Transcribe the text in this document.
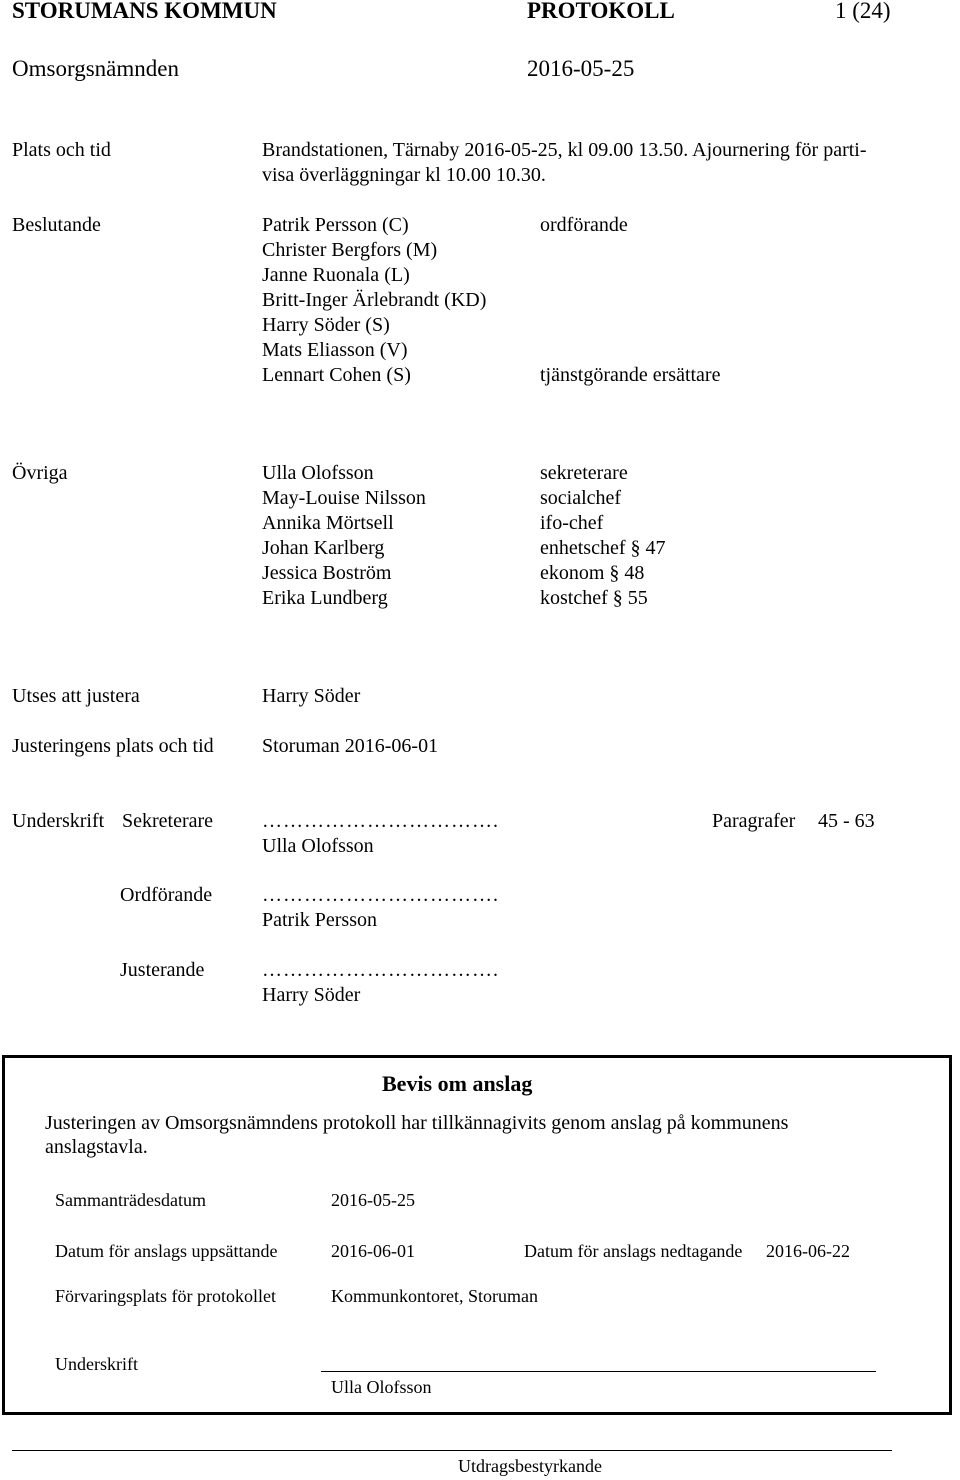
STORUMANS KOMMUN	PROTOKOLL	1 (24)
Omsorgsnämnden	2016-05-25
Plats och tid	Brandstationen, Tärnaby 2016-05-25, kl 09.00 13.50. Ajournering för parti-
visa överläggningar kl 10.00 10.30.
Beslutande	Patrik Persson (C)	ordförande
Christer Bergfors (M)
Janne Ruonala (L)
Britt-Inger Ärlebrandt (KD)
Harry Söder (S)
Mats Eliasson (V)
Lennart Cohen (S)	tjänstgörande ersättare
Övriga	Ulla Olofsson	sekreterare
May-Louise Nilsson	socialchef
Annika Mörtsell	ifo-chef
Johan Karlberg	enhetschef § 47
Jessica Boström	ekonom § 48
Erika Lundberg	kostchef § 55
Utses att justera	Harry Söder
Justeringens plats och tid Storuman 2016-06-01
Underskrift Sekreterare …………………………….	Paragrafer 45 - 63
Ulla Olofsson
Ordförande …………………………….
Patrik Persson
Justerande	…………………………….
Harry Söder
Bevis om anslag
Justeringen av Omsorgsnämndens protokoll har tillkännagivits genom anslag på kommunens
anslagstavla.
Sammanträdesdatum	2016-05-25
Datum för anslags uppsättande	2016-06-01	Datum för anslags nedtagande 2016-06-22
Förvaringsplats för protokollet	Kommunkontoret, Storuman
Underskrift
Ulla Olofsson
Utdragsbestyrkande
